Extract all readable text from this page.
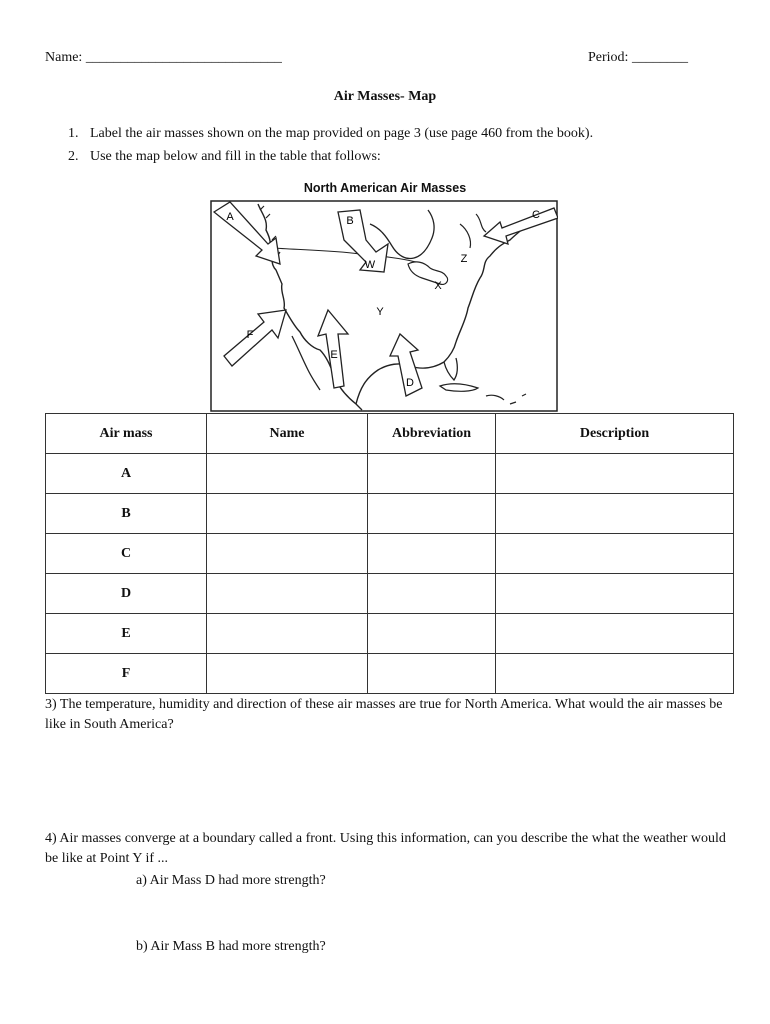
Name: ____________________________	Period: ________
Air Masses- Map
1. Label the air masses shown on the map provided on page 3 (use page 460 from the book).
2. Use the map below and fill in the table that follows:
North American Air Masses
A	B	C
D
E
F
W
X
Y
Z
Air mass	Name	Abbreviation	Description
A			
B			
C			
D			
E			
F			
3) The temperature, humidity and direction of these air masses are true for North America. What would the air masses be like in South America?
4) Air masses converge at a boundary called a front. Using this information, can you describe the what the weather would be like at Point Y if ...
a) Air Mass D had more strength?
b) Air Mass B had more strength?
